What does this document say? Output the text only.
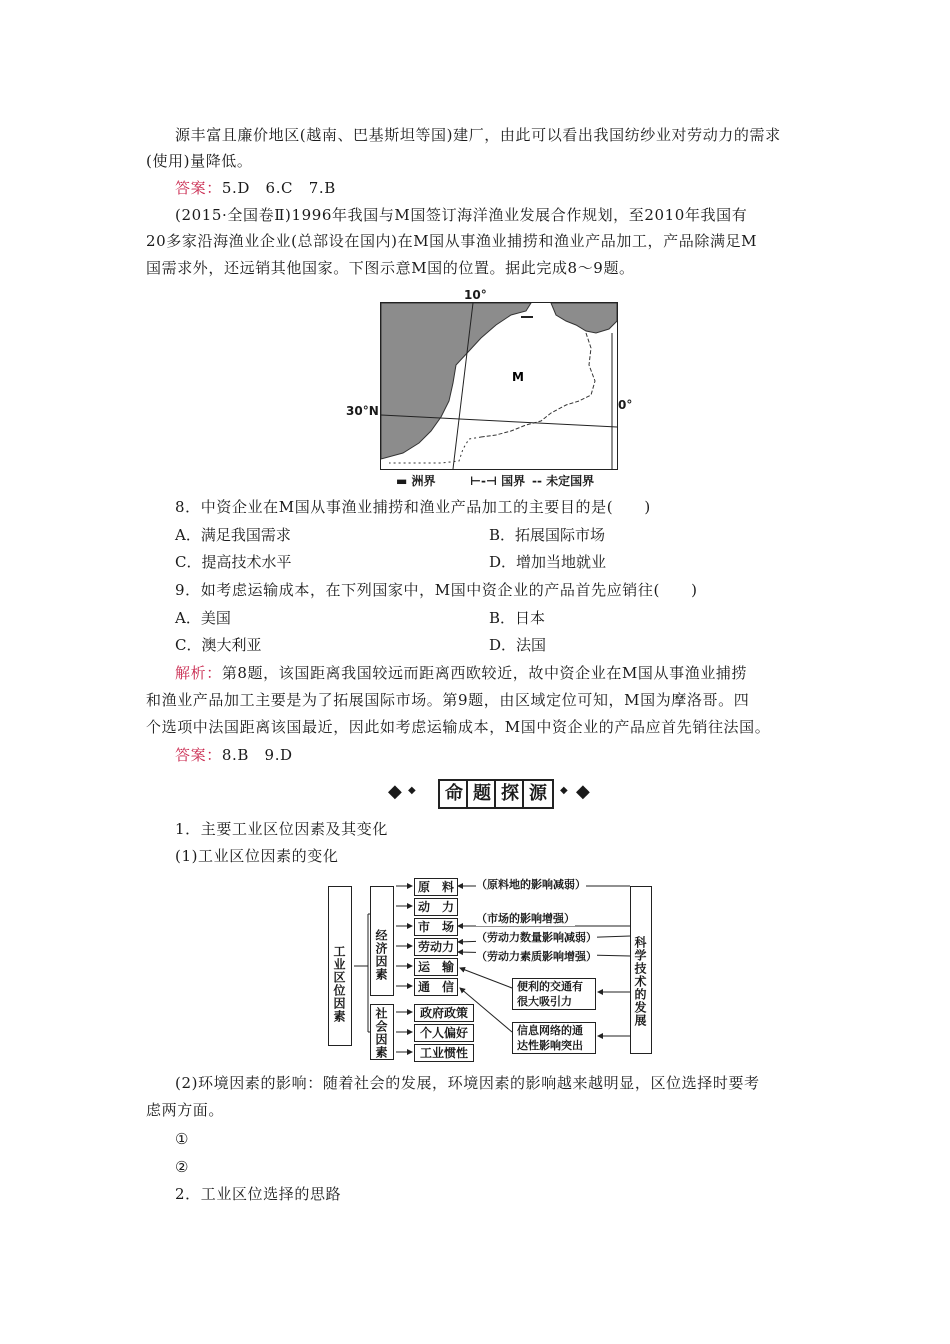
源丰富且廉价地区(越南、巴基斯坦等国)建厂，由此可以看出我国纺纱业对劳动力的需求
(使用)量降低。
答案：5.D　6.C　7.B
(2015·全国卷Ⅱ)1996年我国与M国签订海洋渔业发展合作规划，至2010年我国有
20多家沿海渔业企业(总部设在国内)在M国从事渔业捕捞和渔业产品加工，产品除满足M
国需求外，还远销其他国家。下图示意M国的位置。据此完成8～9题。
10°
30°N
M
0°
▬ 洲界	⊢-⊣ 国界 -- 未定国界
8．中资企业在M国从事渔业捕捞和渔业产品加工的主要目的是(　　)
A．满足我国需求	B．拓展国际市场
C．提高技术水平	D．增加当地就业
9．如考虑运输成本，在下列国家中，M国中资企业的产品首先应销往(　　)
A．美国	B．日本
C．澳大利亚	D．法国
解析：第8题，该国距离我国较远而距离西欧较近，故中资企业在M国从事渔业捕捞
和渔业产品加工主要是为了拓展国际市场。第9题，由区域定位可知，M国为摩洛哥。四
个选项中法国距离该国最近，因此如考虑运输成本，M国中资企业的产品应首先销往法国。
答案：8.B　9.D
◆ ◆	命 题 探 源	◆ ◆
1．主要工业区位因素及其变化
(1)工业区位因素的变化
工业区位因素	经济因素
社会因素
原　料
动　力
市　场
劳动力
运　输
通　信
政府政策
个人偏好
工业惯性
科学技术的发展
（原料地的影响减弱）
（市场的影响增强）
（劳动力数量影响减弱）
（劳动力素质影响增强）
便利的交通有
很大吸引力
信息网络的通
达性影响突出
(2)环境因素的影响：随着社会的发展，环境因素的影响越来越明显，区位选择时要考
虑两方面。
①
②
2．工业区位选择的思路
